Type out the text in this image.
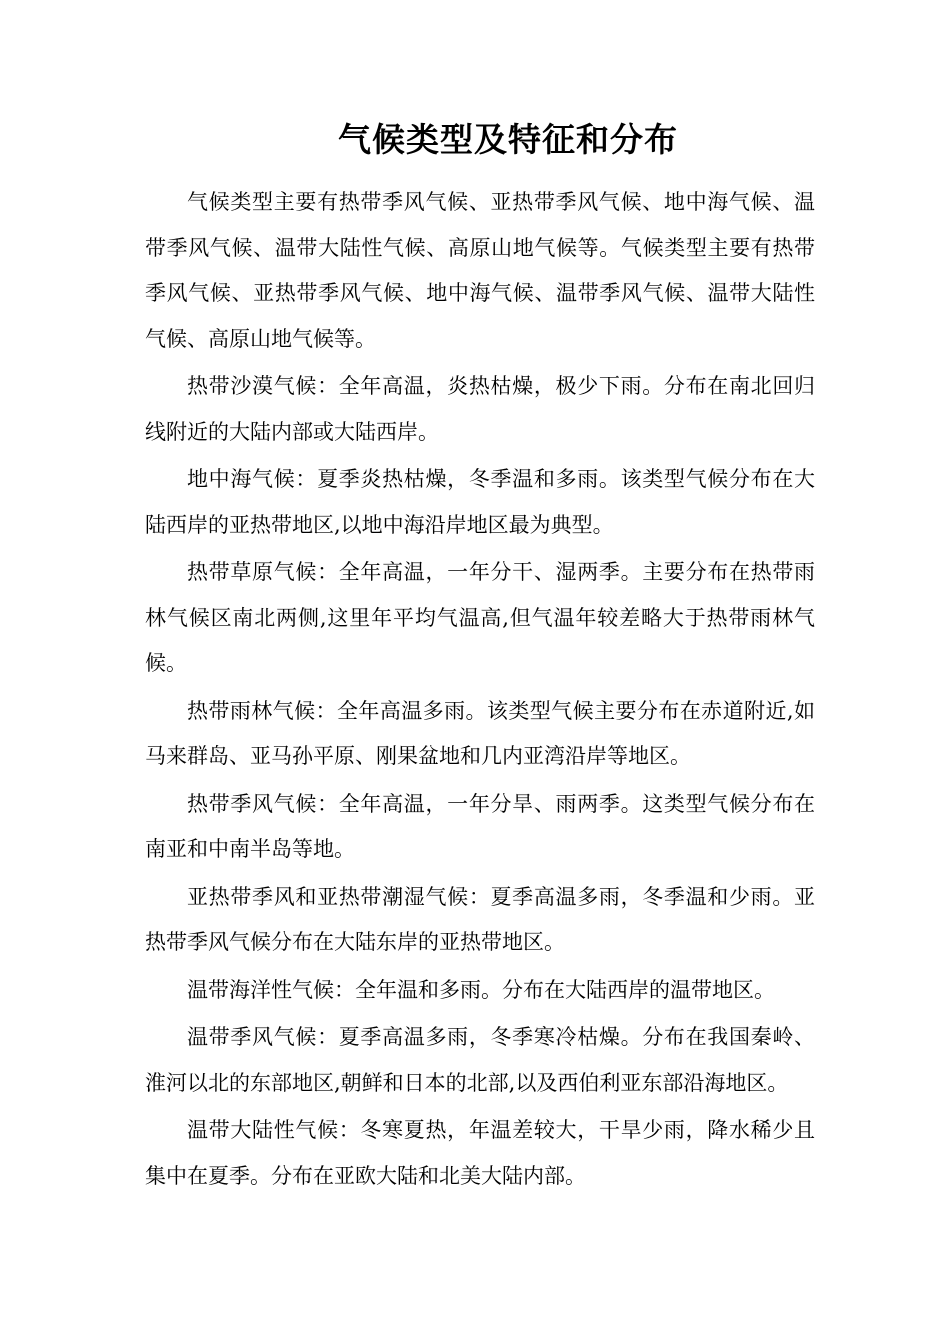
气候类型及特征和分布

气候类型主要有热带季风气候、亚热带季风气候、地中海气候、温带季风气候、温带大陆性气候、高原山地气候等。气候类型主要有热带季风气候、亚热带季风气候、地中海气候、温带季风气候、温带大陆性气候、高原山地气候等。

热带沙漠气候：全年高温，炎热枯燥，极少下雨。分布在南北回归线附近的大陆内部或大陆西岸。

地中海气候：夏季炎热枯燥，冬季温和多雨。该类型气候分布在大陆西岸的亚热带地区,以地中海沿岸地区最为典型。

热带草原气候：全年高温，一年分干、湿两季。主要分布在热带雨林气候区南北两侧,这里年平均气温高,但气温年较差略大于热带雨林气候。

热带雨林气候：全年高温多雨。该类型气候主要分布在赤道附近,如马来群岛、亚马孙平原、刚果盆地和几内亚湾沿岸等地区。

热带季风气候：全年高温，一年分旱、雨两季。这类型气候分布在南亚和中南半岛等地。

亚热带季风和亚热带潮湿气候：夏季高温多雨，冬季温和少雨。亚热带季风气候分布在大陆东岸的亚热带地区。

温带海洋性气候：全年温和多雨。分布在大陆西岸的温带地区。

温带季风气候：夏季高温多雨，冬季寒冷枯燥。分布在我国秦岭、淮河以北的东部地区,朝鲜和日本的北部,以及西伯利亚东部沿海地区。

温带大陆性气候：冬寒夏热，年温差较大，干旱少雨，降水稀少且集中在夏季。分布在亚欧大陆和北美大陆内部。
